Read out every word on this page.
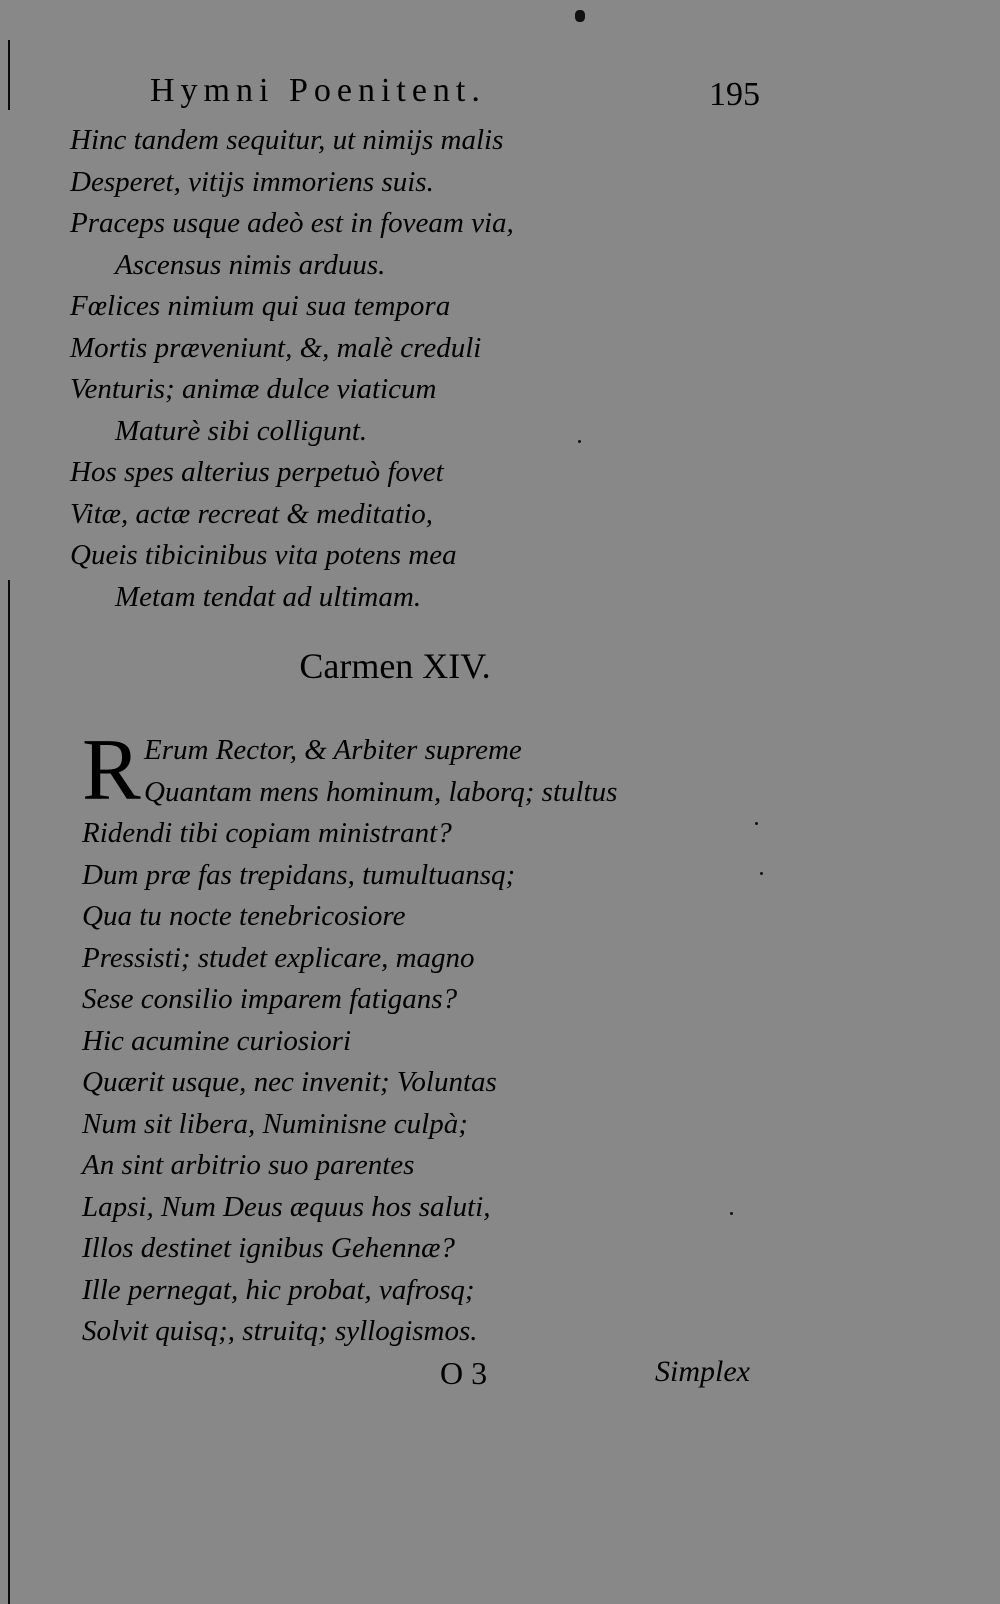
Hymni Poenitent.	195
Hinc tandem sequitur, ut nimijs malis
Desperet, vitijs immoriens suis.
Praceps usque adeò est in foveam via,
Ascensus nimis arduus.
Fœlices nimium qui sua tempora
Mortis præveniunt, &, malè creduli
Venturis; animæ dulce viaticum
Maturè sibi colligunt.
Hos spes alterius perpetuò fovet
Vitæ, actæ recreat & meditatio,
Queis tibicinibus vita potens mea
Metam tendat ad ultimam.
Carmen XIV.
R Erum Rector, & Arbiter supreme
Quantam mens hominum, laborq; stultus
Ridendi tibi copiam ministrant?
Dum præ fas trepidans, tumultuansq;
Qua tu nocte tenebricosiore
Pressisti; studet explicare, magno
Sese consilio imparem fatigans?
Hic acumine curiosiori
Quærit usque, nec invenit; Voluntas
Num sit libera, Numinisne culpà;
An sint arbitrio suo parentes
Lapsi, Num Deus æquus hos saluti,
Illos destinet ignibus Gehennæ?
Ille pernegat, hic probat, vafrosq;
Solvit quisq;, struitq; syllogismos.
O 3	Simplex
